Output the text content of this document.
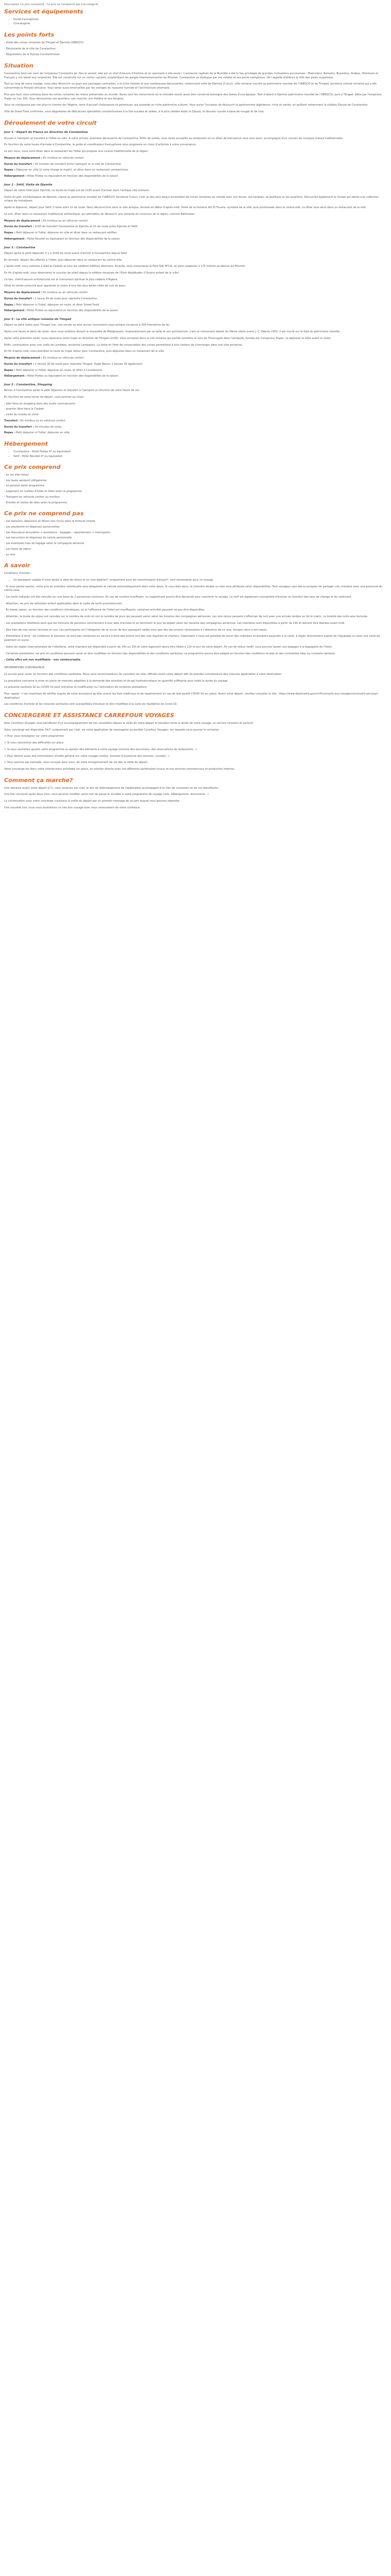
Description Ce prix comprend : Ce prix ne comprend pas Conciergerie

Services et équipements
• Guide francophone
• Conciergerie
Les points forts

- Visite des ruines romaines de Timgad et Djemila (UNESCO)

- Découverte de la ville de Constantine

- Dégustation de la Djouza Constantinoise

Situation

Constantine fond son nom de l'empereur Constantin Ier. Peu le savent, elle est un chef d'oeuvre d'histoire et un spectacle à elle-seule ! L'ancienne capitale de la Numidie a été le lieu privilégié de grandes civilisations successives : Phéniciens, Romains, Byzantins, Arabes, Ottomans et Français y ont laissé leur empreinte. Elle est construite sur un rocher calcaire, surplombant les gorges impressionnantes du Rhumel. Constantine se distingue par ses vallées et ses ponts vertigineux. On l'appelle d'ailleurs la ville des ponts suspendus.

Tout au long de notre voyage, vous allez découvrir un pays aux paysages contrastés, à la riche histoire et aux nombreuses découvertes, notamment celle de Djemila (Cuicul), ville romaine inscrite au patrimoine mondial de l'UNESCO et de Timgad, ancienne colonie romaine qui a été surnommée la Pompéi africaine. Vous serez aussi émerveillés par les vestiges du royaume numide et l'architecture ottomane.

Plus que tout, vous entrerez dans les ruines romaines les mieux préservées au monde. Rares sont les monuments où le moindre recoin aussi bien conservé témoigne des fastes d'une époque. Tout d'abord à Djemila (patrimoine mondial de l'UNESCO), puis à Timgad, bâtie par l'empereur Trajan en l'an 100. Vous découvrirez ses quartiers, son marché, son théâtre et ses temples.

Vous ne manquerez pas non plus le charme de l'Algérie, terre d'accueil chaleureuse et généreuse, qui possède un riche patrimoine culturel. Vous aurez l'occasion de découvrir la gastronomie algérienne, riche et variée, en goûtant notamment la célèbre Djouza de Constantine.

Ville de Great Food confirmée, vous dégusterez de délicieuses spécialités constantinoises à la fois sucrées et salées, à la plus célèbre étant la Djouza, la douceur sucrée à base de nougat et de noix.

Déroulement de votre circuit
Jour 1 : Départ de France en direction de Constantine

Accueil à l'aéroport et transfert à l'hôtel en ville. À votre arrivée, première découverte de Constantine. Enfin de soirée, vous serez accueillis au restaurant où un dîner de bienvenue vous sera servi, accompagné d'un concert de musique malouf traditionnelle.

En fonction de votre heure d'arrivée à Constantine, le guide et coordinateur francophone vous proposera un choix d'activités à votre convenance.

Le soir venu, nous irons dîner dans le restaurant de l'hôtel qui propose une cuisine traditionnelle de la région.

Moyens de déplacement : En minibus ou véhicule confort.

Durée du transfert : 30 minutes de transfert entre l'aéroport et la ville de Constantine.

Repas : Déjeuner en ville (à votre charge le matin), et dîner dans un restaurant constantinois.

Hébergement : Hôtel Protéa ou équivalent en fonction des disponibilités de la saison.

Jour 2 : Sétif, Visite de Djemila

Départ de votre hôtel pour Djemila. Le durée du trajet est de 1h30 avant d'arriver dans l'antique cité romaine.

Visite du parc archéologique de Djemila, classé au patrimoine mondial de l'UNESCO. Ancienne Cuicul, c'est un des plus beaux ensembles de ruines romaines du monde avec son forum, ses temples, sa basilique et ses quartiers. Découvrez également le musée qui abrite une collection unique de mosaïques.

Après le déjeuner, départ pour Sétif. Il reste alors 1h de route. Nous découvrirons dans la ville antique. Arrivée en début d'après-midi. Visite de la fontaine Aïn El Fouara, symbole de la ville, puis promenade dans le centre-ville. Le dîner sera servi dans un restaurant de la ville.

Le soir, dîner dans un restaurant traditionnel authentique, qui permettra de découvrir une variante du couscous de la région, nommé Berkoukes.

Moyens de déplacement : En minibus ou en véhicule confort.

Durée du transfert : 1h30 de transfert Constantine et Djemila et 1h de route entre Djemila et Sétif.

Repas : Petit déjeuner à l'hôtel, déjeuner en ville et dîner dans un restaurant sétifien.

Hébergement : Hôtel Novotel ou équivalent en fonction des disponibilités de la saison.

Jour 3 : Constantine

Départ après le petit déjeuner. Il y a 1h30 de route avant d'arriver à Constantine depuis Sétif.

En arrivant, départ des affaires à l'hôtel, puis déjeuner dans un restaurant du centre-ville.

L'après-midi, vous visiterez à pied le Casbah et tous les célèbres édifices ottomans. Ensuite, vous traverserez le Pont Sidi M'Cid, un pont suspendu à 175 mètres au-dessus du Rhumel.

En fin d'après-midi, vous observerez le coucher de soleil depuis la célèbre mosquée de l'Emir Abdelkader (l'illustre enfant de la ville).

Ce lieu, chef-d'oeuvre architectural est le monument spirituel le plus célèbre d'Algérie.

Dîner et soirée nocturne pour apprécier la vision d'une des plus belles villes de nuit du pays.

Moyens de déplacement : En minibus ou en véhicule confort.

Durée du transfert : 1 heure 30 de route pour rejoindre Constantine.

Repas : Petit déjeuner à l'hôtel, déjeuner en route, et dîner Street Food.

Hébergement : Hôtel Protéa ou équivalent en fonction des disponibilités de la saison.

Jour 4 : La cité antique romaine de Timgad

Départ au petit matin pour Timgad (car, une escale au plus ancien monument royal antique conservé à 200 kilomètres de là).

Après une heure et demi de route, nous nous arrêtons devant le mausolée de Medghassen. Impressionnant par sa taille et son architecture, c'est un monument datant du IIIème siècle avant J.-C. Depuis 2002, il est inscrit sur la liste du patrimoine mondial.

Après cette première visite, nous reprenons notre trajet en direction de Timgad (1h30). Vous arriverez dans la cité romaine qui portait autrefois le nom de Thamugadi dans l'antiquité, fondée par l'empereur Trajan. Le déjeuner et libre avant la visite.

Enfin, continuation avec une visite de Lambèse, ancienne Lambaesis. La visite et l'état de conservation des ruines permettent à tout visiteur de s'immerger dans une ville ancienne.

En fin d'après-midi, vous prendrez la route du trajet retour pour Constantine, puis déjeunez dans un restaurant de la ville.

Moyens de déplacement : En minibus ou véhicule confort.

Durée du transfert : 2 heures 30 de route pour rejoindre Timgad. Trajet Retour 2 heures 30 également.

Repas : Petit déjeuner à l'hôtel, déjeuner en route, et dîner à Constantine.

Hébergement : Hôtel Protéa ou équivalent en fonction des disponibilités de la saison.

Jour 5 : Constantine, Shopping

Retour à Constantine après le petit déjeuner et transfert à l'aéroport en fonction de votre heure de vol.

En fonction de votre heure de départ, vous pourrez au choix :

- aller faire du shopping dans des souks commerçants
- quartier libre dans la Casbah
- visite du musée ou choix

Transfert : En minibus ou en véhicule confort.

Durée du transfert : 30 minutes de route.

Repas : Petit déjeuner à l'hôtel, déjeuner en ville.

Hébergement
• Constantine : Hôtel Protéa 4* ou équivalent
• Sétif : Hôtel Novotel 4* ou équivalent
Ce prix comprend
- Le vol aller-retour
- Les taxes aéroport obligatoires
- Le pension selon programme
- Logement en nuitées d'hôtel et hôtel selon le programme
- Transport en véhicule confort ou minibus
- Entrées et visites de sites selon le programme
Ce prix ne comprend pas
- Les boissons, déjeuners et dîners non inclus dans la formule choisie
- Les pourboires et dépenses personnelles
- Les Assurance annulation + assistance - bagages - rapatriement + interruption
- Les excursions et dépenses de nature personnelle
- Les éventuels frais de bagage selon la compagnie aérienne
- Les taxes de séjour
- Le visa
A savoir

Conditions d'entrée :

• Un passeport valable 6 mois après la date de retour et un visa algérien* uniquement pour les ressortissants français*, sont nécessaires pour ce voyage.

- Si vous partez seul(e), notre prix en chambre individuelle sera obligatoire et calculé automatiquement dans votre devis. Si vous êtes deux, la chambre double ou twin sera attribuée selon disponibilités. Tout voyageur seul devra accepter de partager une chambre avec une personne du même sexe.

- Les tarifs indiqués ont été calculés sur une base de 2 personnes minimum. En cas de nombre insuffisant, un supplément pourra être demandé pour maintenir le voyage. Le tarif est également susceptible d'évoluer en fonction des taux de change et du carburant.

- Attention, les prix de réduction enfant applicables dans le cadre de tarifs promotionnels.

- En basse saison, en fonction des conditions climatiques, ou si l'affluence de l'hôtel est insuffisante, certaines activités peuvent ne pas être disponibles.

- Attention, le durée du séjour est calculée sur le nombre de nuits et non le nombre de jours qui peuvent varier selon les horaires des compagnies aériennes. Les vols retour peuvent s'effectuer de nuit avec une arrivée tardive ou tôt le matin. La totalité des nuits sera facturée.

- Les prestations hôtelières ainsi que les formules de pensions commencent à leur date d'arrivée et se terminent le jour de départ selon les horaires des compagnies aériennes. Les chambres sont disponibles à partir de 14h et doivent être libérées avant midi.

- Des frais de visa seront facturés en sus. Les participants ont l'obligation de se munir de leur passeport valide ainsi que des documents nécessaires à l'obtention de ce visa, lorsque celui-ci est requis.

- Prestations à terre : les collations et boissons ne sont pas comprises au service à bord des avions lors des vols réguliers et charters. Cependant il nous est possible de servir des collations et boissons payantes à la carte, à régler directement auprès de l'équipage ou avec une carte de paiement en euros.

- Selon les règles internationales de l'hôtellerie, votre chambre est disponible à partir de 14h ou 15h et votre logement devra être libéré à 12h le jour de votre départ. En cas de retour tardif, vous pourrez laisser vos bagages à la bagagerie de l'hôtel.

- Certaines prestations, les prix et conditions peuvent varier et être modifiées en fonction des disponibilités et des conditions sanitaires. Le programme pourra être adapté en fonction des conditions locales et des contraintes liées au contexte sanitaire.

- Cette offre est non modifiable - non remboursable

INFORMATIONS CORONAVIRUS

Le succès peut varier en fonction des conditions sanitaires. Nous vous recommandons de consulter les sites officiels avant votre départ afin de prendre connaissance des mesures applicables à votre destination.

La procédure concerne la mise en place de mesures adaptées à la demande des autorités et de gel hydroalcoolique en quantité suffisante pour toute la durée du voyage.

La présente sanitaire lié au COVID-19 peut entraîner la modification ou l'annulation de certaines prestations.

Pour rappel : il est important de vérifier auprès de votre assurance qu'elle couvre les frais médicaux et de rapatriement en cas de test positif COVID-19 sur place. Avant votre départ, veuillez consulter le site : https://www.diplomatie.gouv.fr/fr/conseils-aux-voyageurs/conseils-par-pays-destination/

Les conditions d'entrée et les mesures sanitaires sont susceptibles d'évoluer et être modifiées à la suite de l'épidémie de Covid-19.

CONCIERGERIE ET ASSISTANCE CARREFOUR VOYAGES

Avec Carrefour Voyages vous bénéficiez d'un accompagnement de nos conseillers depuis la veille de votre départ et pendant toute la durée de votre voyage, un service innovant et exclusif.

Votre concierge est disponible 24/7, uniquement par chat, via votre application de messagerie accessible Carrefour Voyages, sur laquelle vous pouvez le contacter :

> Pour vous renseigner sur votre programme

> Si vous rencontrez des difficultés sur place

> Si vous souhaitez ajouter votre programme ou ajouter des éléments à votre voyage (comme des excursions, des réservations de restaurants...)

> Pour obtenir aussi des informations d'ordre général sur votre voyage (visites, horaires d'ouverture des services, conseils...)

> Vous pourrez par exemple, nous occuper pour vous, de votre enregistrement de vol dès la veille du départ

Votre concierge est donc votre interlocuteur privilégié sur place, en relation directe avec nos différents partenaires locaux et nos services commerciaux et production internes.

Comment ça marche?

Une semaine avant votre départ (J-7), vous recevrez par mail, le lien de téléchargement de l'application accompagné d'un lien de connexion et de vos identifiants.

Une fois connecté après deux clics, vous pourrez modifier votre mot de passe et accéder à votre programme de voyage (vols, hébergement, documents...)

La conversation avec votre concierge s'activera la veille du départ par un premier message de sa part auquel vous pourrez répondre.

Une nouvelle fois, nous vous souhaitons un très bon voyage avec nous renouvelons de votre confiance.
